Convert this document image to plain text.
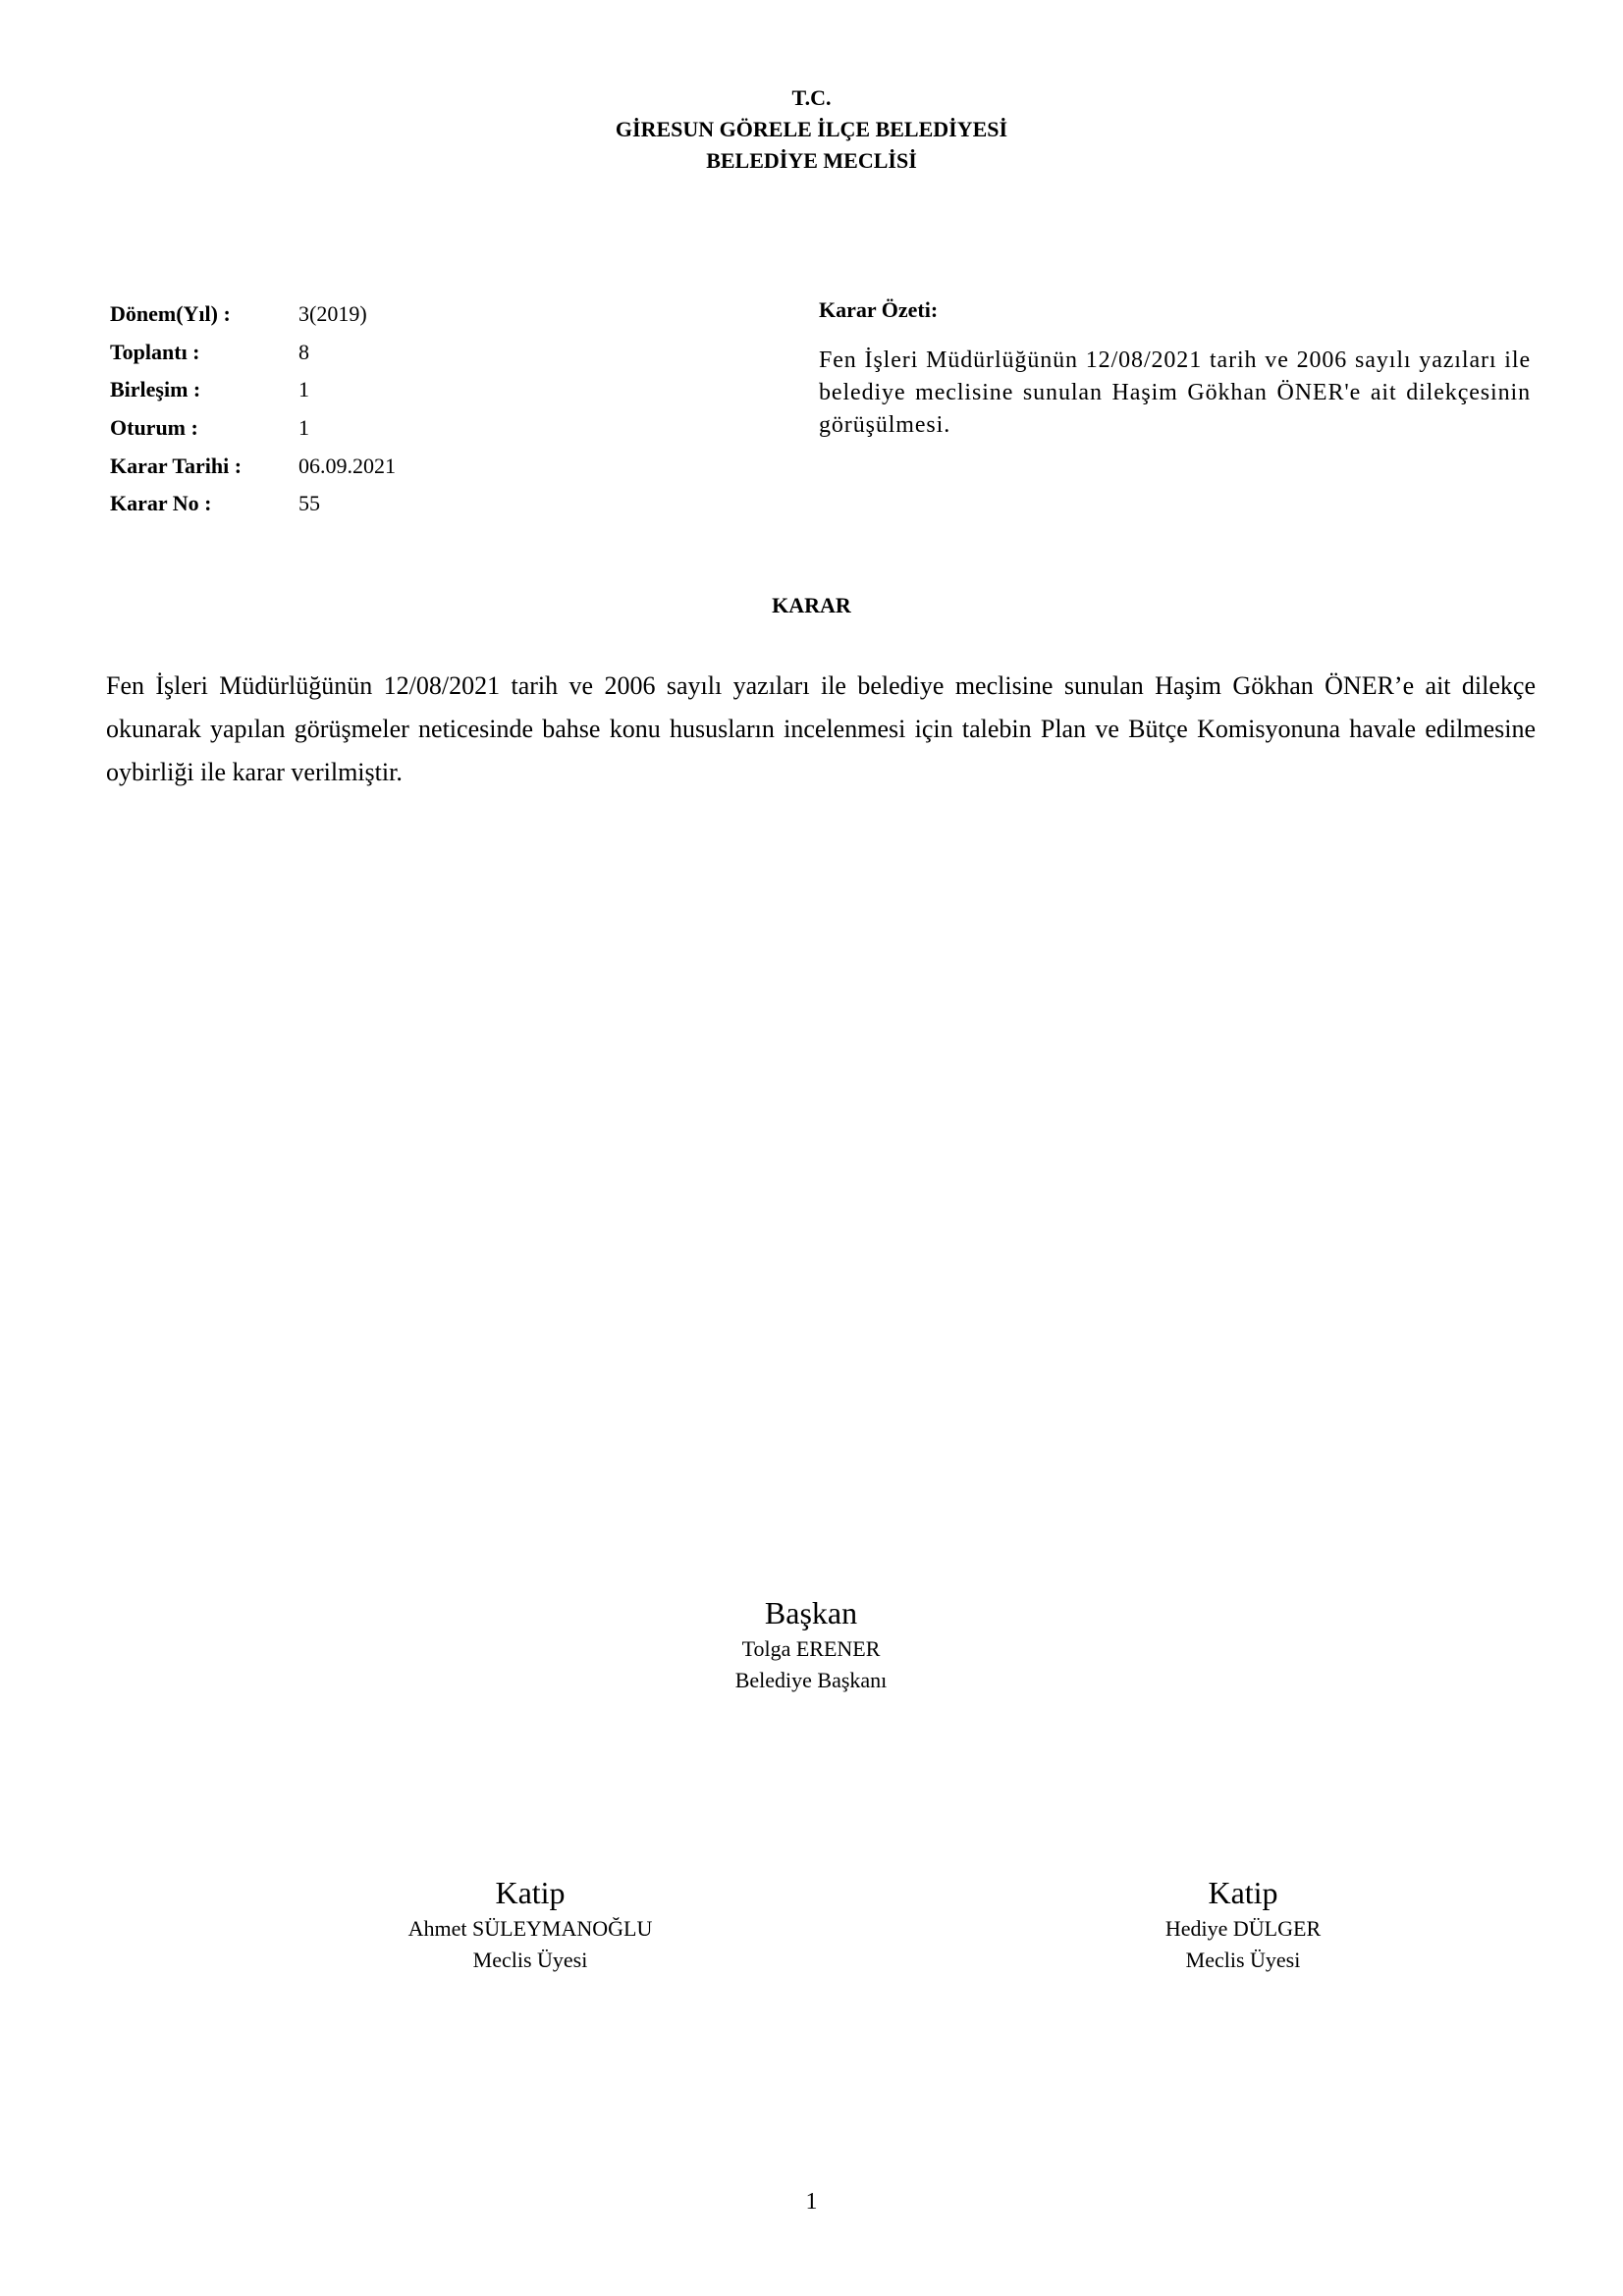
T.C.
GİRESUN GÖRELE İLÇE BELEDİYESİ
BELEDİYE MECLİSİ
Dönem(Yıl) :	3(2019)
Toplantı :	8
Birleşim :	1
Oturum :	1
Karar Tarihi :	06.09.2021
Karar No :	55
Karar Özeti:
Fen İşleri Müdürlüğünün 12/08/2021 tarih ve 2006 sayılı yazıları ile belediye meclisine sunulan Haşim Gökhan ÖNER'e ait dilekçesinin görüşülmesi.
KARAR
Fen İşleri Müdürlüğünün 12/08/2021 tarih ve 2006 sayılı yazıları ile belediye meclisine sunulan Haşim Gökhan ÖNER’e ait dilekçe okunarak yapılan görüşmeler neticesinde bahse konu hususların incelenmesi için talebin Plan ve Bütçe Komisyonuna havale edilmesine oybirliği ile karar verilmiştir.
Başkan
Tolga ERENER
Belediye Başkanı
Katip
Ahmet SÜLEYMANOĞLU
Meclis Üyesi
Katip
Hediye DÜLGER
Meclis Üyesi
1
